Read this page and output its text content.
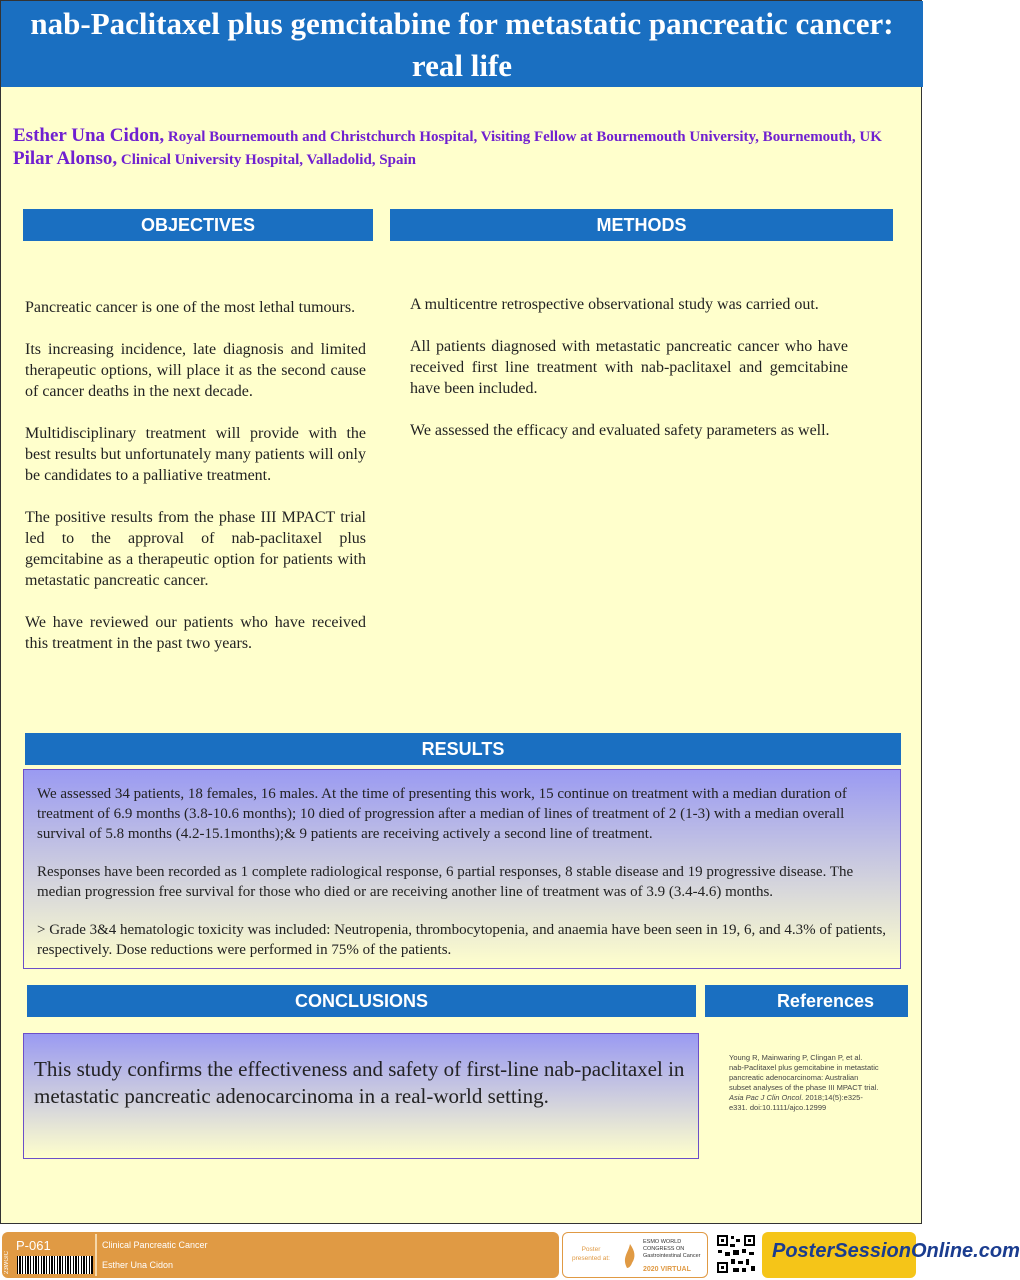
nab-Paclitaxel plus gemcitabine for metastatic pancreatic cancer: real life
Esther Una Cidon, Royal Bournemouth and Christchurch Hospital, Visiting Fellow at Bournemouth University, Bournemouth, UK
Pilar Alonso, Clinical University Hospital, Valladolid, Spain
OBJECTIVES	METHODS

Pancreatic cancer is one of the most lethal tumours.

Its increasing incidence, late diagnosis and limited therapeutic options, will place it as the second cause of cancer deaths in the next decade.

Multidisciplinary treatment will provide with the best results but unfortunately many patients will only be candidates to a palliative treatment.

The positive results from the phase III MPACT trial led to the approval of nab-paclitaxel plus gemcitabine as a therapeutic option for patients with metastatic pancreatic cancer.

We have reviewed our patients who have received this treatment in the past two years.

A multicentre retrospective observational study was carried out.

All patients diagnosed with metastatic pancreatic cancer who have received first line treatment with nab-paclitaxel and gemcitabine have been included.

We assessed the efficacy and evaluated safety parameters as well.

RESULTS

We assessed 34 patients, 18 females, 16 males. At the time of presenting this work, 15 continue on treatment with a median duration of treatment of 6.9 months (3.8-10.6 months); 10 died of progression after a median of lines of treatment of 2 (1-3) with a median overall survival of 5.8 months (4.2-15.1months);& 9 patients are receiving actively a second line of treatment.

Responses have been recorded as 1 complete radiological response, 6 partial responses, 8 stable disease and 19 progressive disease. The median progression free survival for those who died or are receiving another line of treatment was of 3.9 (3.4-4.6) months.

> Grade 3&4 hematologic toxicity was included: Neutropenia, thrombocytopenia, and anaemia have been seen in 19, 6, and 4.3% of patients, respectively. Dose reductions were performed in 75% of the patients.

CONCLUSIONS	References
This study confirms the effectiveness and safety of first-line nab-paclitaxel in metastatic pancreatic adenocarcinoma in a real-world setting.
Young R, Mainwaring P, Clingan P, et al. nab-Paclitaxel plus gemcitabine in metastatic pancreatic adenocarcinoma: Australian subset analyses of the phase III MPACT trial. Asia Pac J Clin Oncol. 2018;14(5):e325-e331. doi:10.1111/ajco.12999
23WGIC
P-061	Clinical Pancreatic Cancer
Esther Una Cidon
Poster presented at:
ESMO WORLD CONGRESS ON Gastrointestinal Cancer
2020 VIRTUAL
PosterSessionOnline.com
